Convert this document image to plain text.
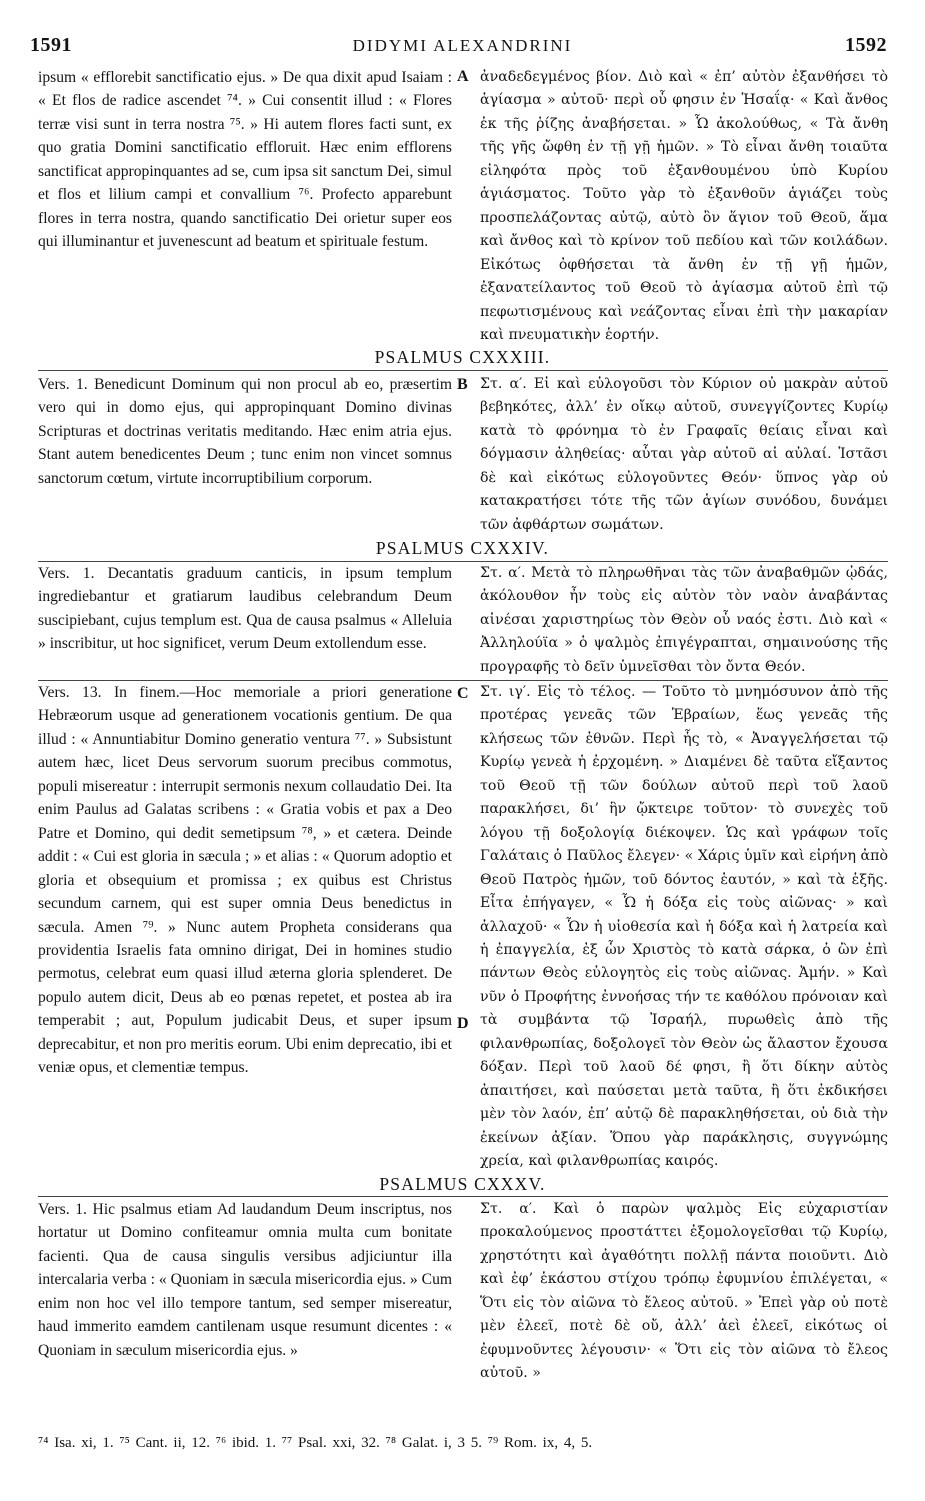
1591	DIDYMI ALEXANDRINI	1592

ipsum « efflorebit sanctificatio ejus. » De qua dixit apud Isaiam : « Et flos de radice ascendet ⁷⁴. » Cui consentit illud : « Flores terræ visi sunt in terra nostra ⁷⁵. » Hi autem flores facti sunt, ex quo gratia Domini sanctificatio effloruit. Hæc enim efflorens sanctificat appropinquantes ad se, cum ipsa sit sanctum Dei, simul et flos et lilium campi et convallium ⁷⁶. Profecto apparebunt flores in terra nostra, quando sanctificatio Dei orietur super eos qui illuminantur et juvenescunt ad beatum et spirituale festum.

ἀναδεδεγμένος βίον. Διὸ καὶ « ἐπ’ αὐτὸν ἐξανθήσει τὸ ἁγίασμα » αὐτοῦ· περὶ οὗ φησιν ἐν Ἡσαΐᾳ· « Καὶ ἄνθος ἐκ τῆς ῥίζης ἀναβήσεται. » Ὧ ἀκολούθως, « Τὰ ἄνθη τῆς γῆς ὤφθη ἐν τῇ γῇ ἡμῶν. » Τὸ εἶναι ἄνθη τοιαῦτα εἰληφότα πρὸς τοῦ ἐξανθουμένου ὑπὸ Κυρίου ἁγιάσματος. Τοῦτο γὰρ τὸ ἐξανθοῦν ἁγιάζει τοὺς προσπελάζοντας αὐτῷ, αὐτὸ ὂν ἅγιον τοῦ Θεοῦ, ἅμα καὶ ἄνθος καὶ τὸ κρίνον τοῦ πεδίου καὶ τῶν κοιλάδων. Εἰκότως ὀφθήσεται τὰ ἄνθη ἐν τῇ γῇ ἡμῶν, ἐξανατείλαντος τοῦ Θεοῦ τὸ ἁγίασμα αὐτοῦ ἐπὶ τῷ πεφωτισμένους καὶ νεάζοντας εἶναι ἐπὶ τὴν μακαρίαν καὶ πνευματικὴν ἑορτήν.

A
PSALMUS CXXXIII.

Vers. 1. Benedicunt Dominum qui non procul ab eo, præsertim vero qui in domo ejus, qui appropinquant Domino divinas Scripturas et doctrinas veritatis meditando. Hæc enim atria ejus. Stant autem benedicentes Deum ; tunc enim non vincet somnus sanctorum cœtum, virtute incorruptibilium corporum.

Στ. α′. Εἰ καὶ εὐλογοῦσι τὸν Κύριον οὐ μακρὰν αὐτοῦ βεβηκότες, ἀλλ’ ἐν οἴκῳ αὐτοῦ, συνεγγίζοντες Κυρίῳ κατὰ τὸ φρόνημα τὸ ἐν Γραφαῖς θείαις εἶναι καὶ δόγμασιν ἀληθείας· αὗται γὰρ αὐτοῦ αἱ αὐλαί. Ἱστᾶσι δὲ καὶ εἰκότως εὐλογοῦντες Θεόν· ὕπνος γὰρ οὐ κατακρατήσει τότε τῆς τῶν ἁγίων συνόδου, δυνάμει τῶν ἀφθάρτων σωμάτων.

B
PSALMUS CXXXIV.

Vers. 1. Decantatis graduum canticis, in ipsum templum ingrediebantur et gratiarum laudibus celebrandum Deum suscipiebant, cujus templum est. Qua de causa psalmus « Alleluia » inscribitur, ut hoc significet, verum Deum extollendum esse.

Στ. α′. Μετὰ τὸ πληρωθῆναι τὰς τῶν ἀναβαθμῶν ᾠδάς, ἀκόλουθον ἦν τοὺς εἰς αὐτὸν τὸν ναὸν ἀναβάντας αἰνέσαι χαριστηρίως τὸν Θεὸν οὗ ναός ἐστι. Διὸ καὶ « Ἀλληλούϊα » ὁ ψαλμὸς ἐπιγέγραπται, σημαινούσης τῆς προγραφῆς τὸ δεῖν ὑμνεῖσθαι τὸν ὄντα Θεόν.

Vers. 13. In finem.—Hoc memoriale a priori generatione Hebræorum usque ad generationem vocationis gentium. De qua illud : « Annuntiabitur Domino generatio ventura ⁷⁷. » Subsistunt autem hæc, licet Deus servorum suorum precibus commotus, populi misereatur : interrupit sermonis nexum collaudatio Dei. Ita enim Paulus ad Galatas scribens : « Gratia vobis et pax a Deo Patre et Domino, qui dedit semetipsum ⁷⁸, » et cætera. Deinde addit : « Cui est gloria in sæcula ; » et alias : « Quorum adoptio et gloria et obsequium et promissa ; ex quibus est Christus secundum carnem, qui est super omnia Deus benedictus in sæcula. Amen ⁷⁹. » Nunc autem Propheta considerans qua providentia Israelis fata omnino dirigat, Dei in homines studio permotus, celebrat eum quasi illud æterna gloria splenderet. De populo autem dicit, Deus ab eo pœnas repetet, et postea ab ira temperabit ; aut, Populum judicabit Deus, et super ipsum deprecabitur, et non pro meritis eorum. Ubi enim deprecatio, ibi et veniæ opus, et clementiæ tempus.

Στ. ιγ′. Εἰς τὸ τέλος. — Τοῦτο τὸ μνημόσυνον ἀπὸ τῆς προτέρας γενεᾶς τῶν Ἑβραίων, ἕως γενεᾶς τῆς κλήσεως τῶν ἐθνῶν. Περὶ ἧς τὸ, « Ἀναγγελήσεται τῷ Κυρίῳ γενεὰ ἡ ἐρχομένη. » Διαμένει δὲ ταῦτα εἴξαντος τοῦ Θεοῦ τῇ τῶν δούλων αὐτοῦ περὶ τοῦ λαοῦ παρακλήσει, δι’ ἣν ᾤκτειρε τοῦτον· τὸ συνεχὲς τοῦ λόγου τῇ δοξολογίᾳ διέκοψεν. Ὡς καὶ γράφων τοῖς Γαλάταις ὁ Παῦλος ἔλεγεν· « Χάρις ὑμῖν καὶ εἰρήνη ἀπὸ Θεοῦ Πατρὸς ἡμῶν, τοῦ δόντος ἑαυτόν, » καὶ τὰ ἑξῆς. Εἶτα ἐπήγαγεν, « Ὧ ἡ δόξα εἰς τοὺς αἰῶνας· » καὶ ἀλλαχοῦ· « Ὧν ἡ υἱοθεσία καὶ ἡ δόξα καὶ ἡ λατρεία καὶ ἡ ἐπαγγελία, ἐξ ὧν Χριστὸς τὸ κατὰ σάρκα, ὁ ὢν ἐπὶ πάντων Θεὸς εὐλογητὸς εἰς τοὺς αἰῶνας. Ἀμήν. » Καὶ νῦν ὁ Προφήτης ἐννοήσας τήν τε καθόλου πρόνοιαν καὶ τὰ συμβάντα τῷ Ἰσραήλ, πυρωθεὶς ἀπὸ τῆς φιλανθρωπίας, δοξολογεῖ τὸν Θεὸν ὡς ἄλαστον ἔχουσα δόξαν. Περὶ τοῦ λαοῦ δέ φησι, ἢ ὅτι δίκην αὐτὸς ἀπαιτήσει, καὶ παύσεται μετὰ ταῦτα, ἢ ὅτι ἐκδικήσει μὲν τὸν λαόν, ἐπ’ αὐτῷ δὲ παρακληθήσεται, οὐ διὰ τὴν ἐκείνων ἀξίαν. Ὅπου γὰρ παράκλησις, συγγνώμης χρεία, καὶ φιλανθρωπίας καιρός.

C
D
PSALMUS CXXXV.

Vers. 1. Hic psalmus etiam Ad laudandum Deum inscriptus, nos hortatur ut Domino confiteamur omnia multa cum bonitate facienti. Qua de causa singulis versibus adjiciuntur illa intercalaria verba : « Quoniam in sæcula misericordia ejus. » Cum enim non hoc vel illo tempore tantum, sed semper misereatur, haud immerito eamdem cantilenam usque resumunt dicentes : « Quoniam in sæculum misericordia ejus. »

Στ. α′. Καὶ ὁ παρὼν ψαλμὸς Εἰς εὐχαριστίαν προκαλούμενος προστάττει ἐξομολογεῖσθαι τῷ Κυρίῳ, χρηστότητι καὶ ἀγαθότητι πολλῇ πάντα ποιοῦντι. Διὸ καὶ ἐφ’ ἑκάστου στίχου τρόπῳ ἐφυμνίου ἐπιλέγεται, « Ὅτι εἰς τὸν αἰῶνα τὸ ἔλεος αὐτοῦ. » Ἐπεὶ γὰρ οὐ ποτὲ μὲν ἐλεεῖ, ποτὲ δὲ οὔ, ἀλλ’ ἀεὶ ἐλεεῖ, εἰκότως οἱ ἐφυμνοῦντες λέγουσιν· « Ὅτι εἰς τὸν αἰῶνα τὸ ἔλεος αὐτοῦ. »

⁷⁴ Isa. xi, 1. ⁷⁵ Cant. ii, 12. ⁷⁶ ibid. 1. ⁷⁷ Psal. xxi, 32. ⁷⁸ Galat. i, 3 5. ⁷⁹ Rom. ix, 4, 5.
